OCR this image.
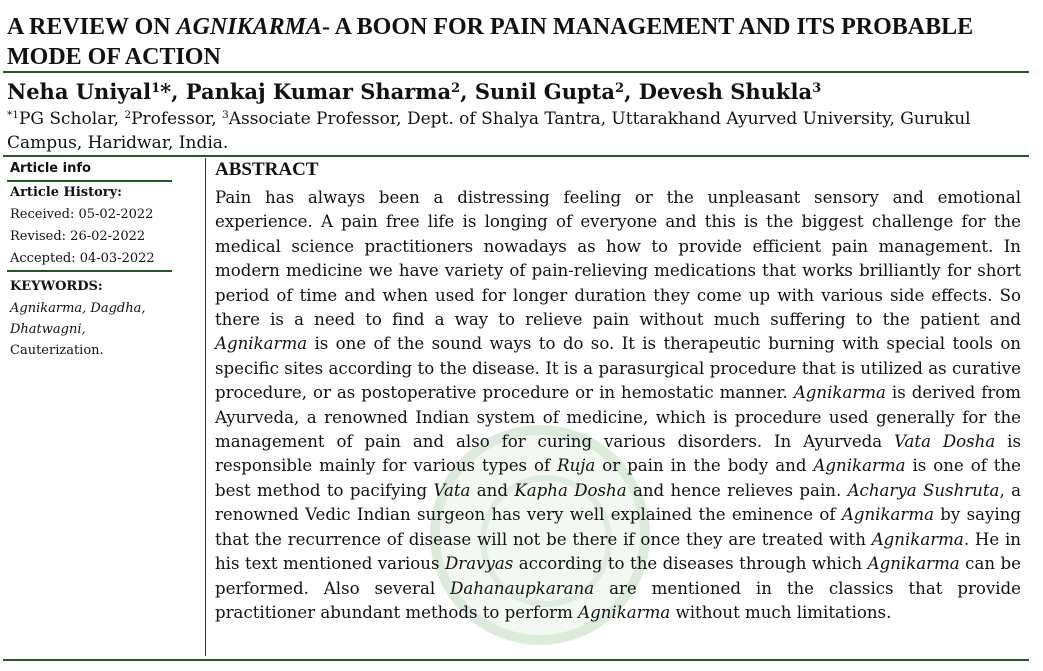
A REVIEW ON AGNIKARMA- A BOON FOR PAIN MANAGEMENT AND ITS PROBABLE MODE OF ACTION
Neha Uniyal$^1$*, Pankaj Kumar Sharma$^2$, Sunil Gupta$^2$, Devesh Shukla$^3$
$^{*1}$PG Scholar, $^2$Professor, $^3$Associate Professor, Dept. of Shalya Tantra, Uttarakhand Ayurved University, Gurukul Campus, Haridwar, India.
Article info
Article History:
Received: 05-02-2022
Revised: 26-02-2022
Accepted: 04-03-2022
KEYWORDS:
Agnikarma, Dagdha, Dhatwagni,
Cauterization.
ABSTRACT

Pain has always been a distressing feeling or the unpleasant sensory and emotional experience. A pain free life is longing of everyone and this is the biggest challenge for the medical science practitioners nowadays as how to provide efficient pain management. In modern medicine we have variety of pain-relieving medications that works brilliantly for short period of time and when used for longer duration they come up with various side effects. So there is a need to find a way to relieve pain without much suffering to the patient and Agnikarma is one of the sound ways to do so. It is therapeutic burning with special tools on specific sites according to the disease. It is a parasurgical procedure that is utilized as curative procedure, or as postoperative procedure or in hemostatic manner. Agnikarma is derived from Ayurveda, a renowned Indian system of medicine, which is procedure used generally for the management of pain and also for curing various disorders. In Ayurveda Vata Dosha is responsible mainly for various types of Ruja or pain in the body and Agnikarma is one of the best method to pacifying Vata and Kapha Dosha and hence relieves pain. Acharya Sushruta, a renowned Vedic Indian surgeon has very well explained the eminence of Agnikarma by saying that the recurrence of disease will not be there if once they are treated with Agnikarma. He in his text mentioned various Dravyas according to the diseases through which Agnikarma can be performed. Also several Dahanaupkarana are mentioned in the classics that provide practitioner abundant methods to perform Agnikarma without much limitations.
